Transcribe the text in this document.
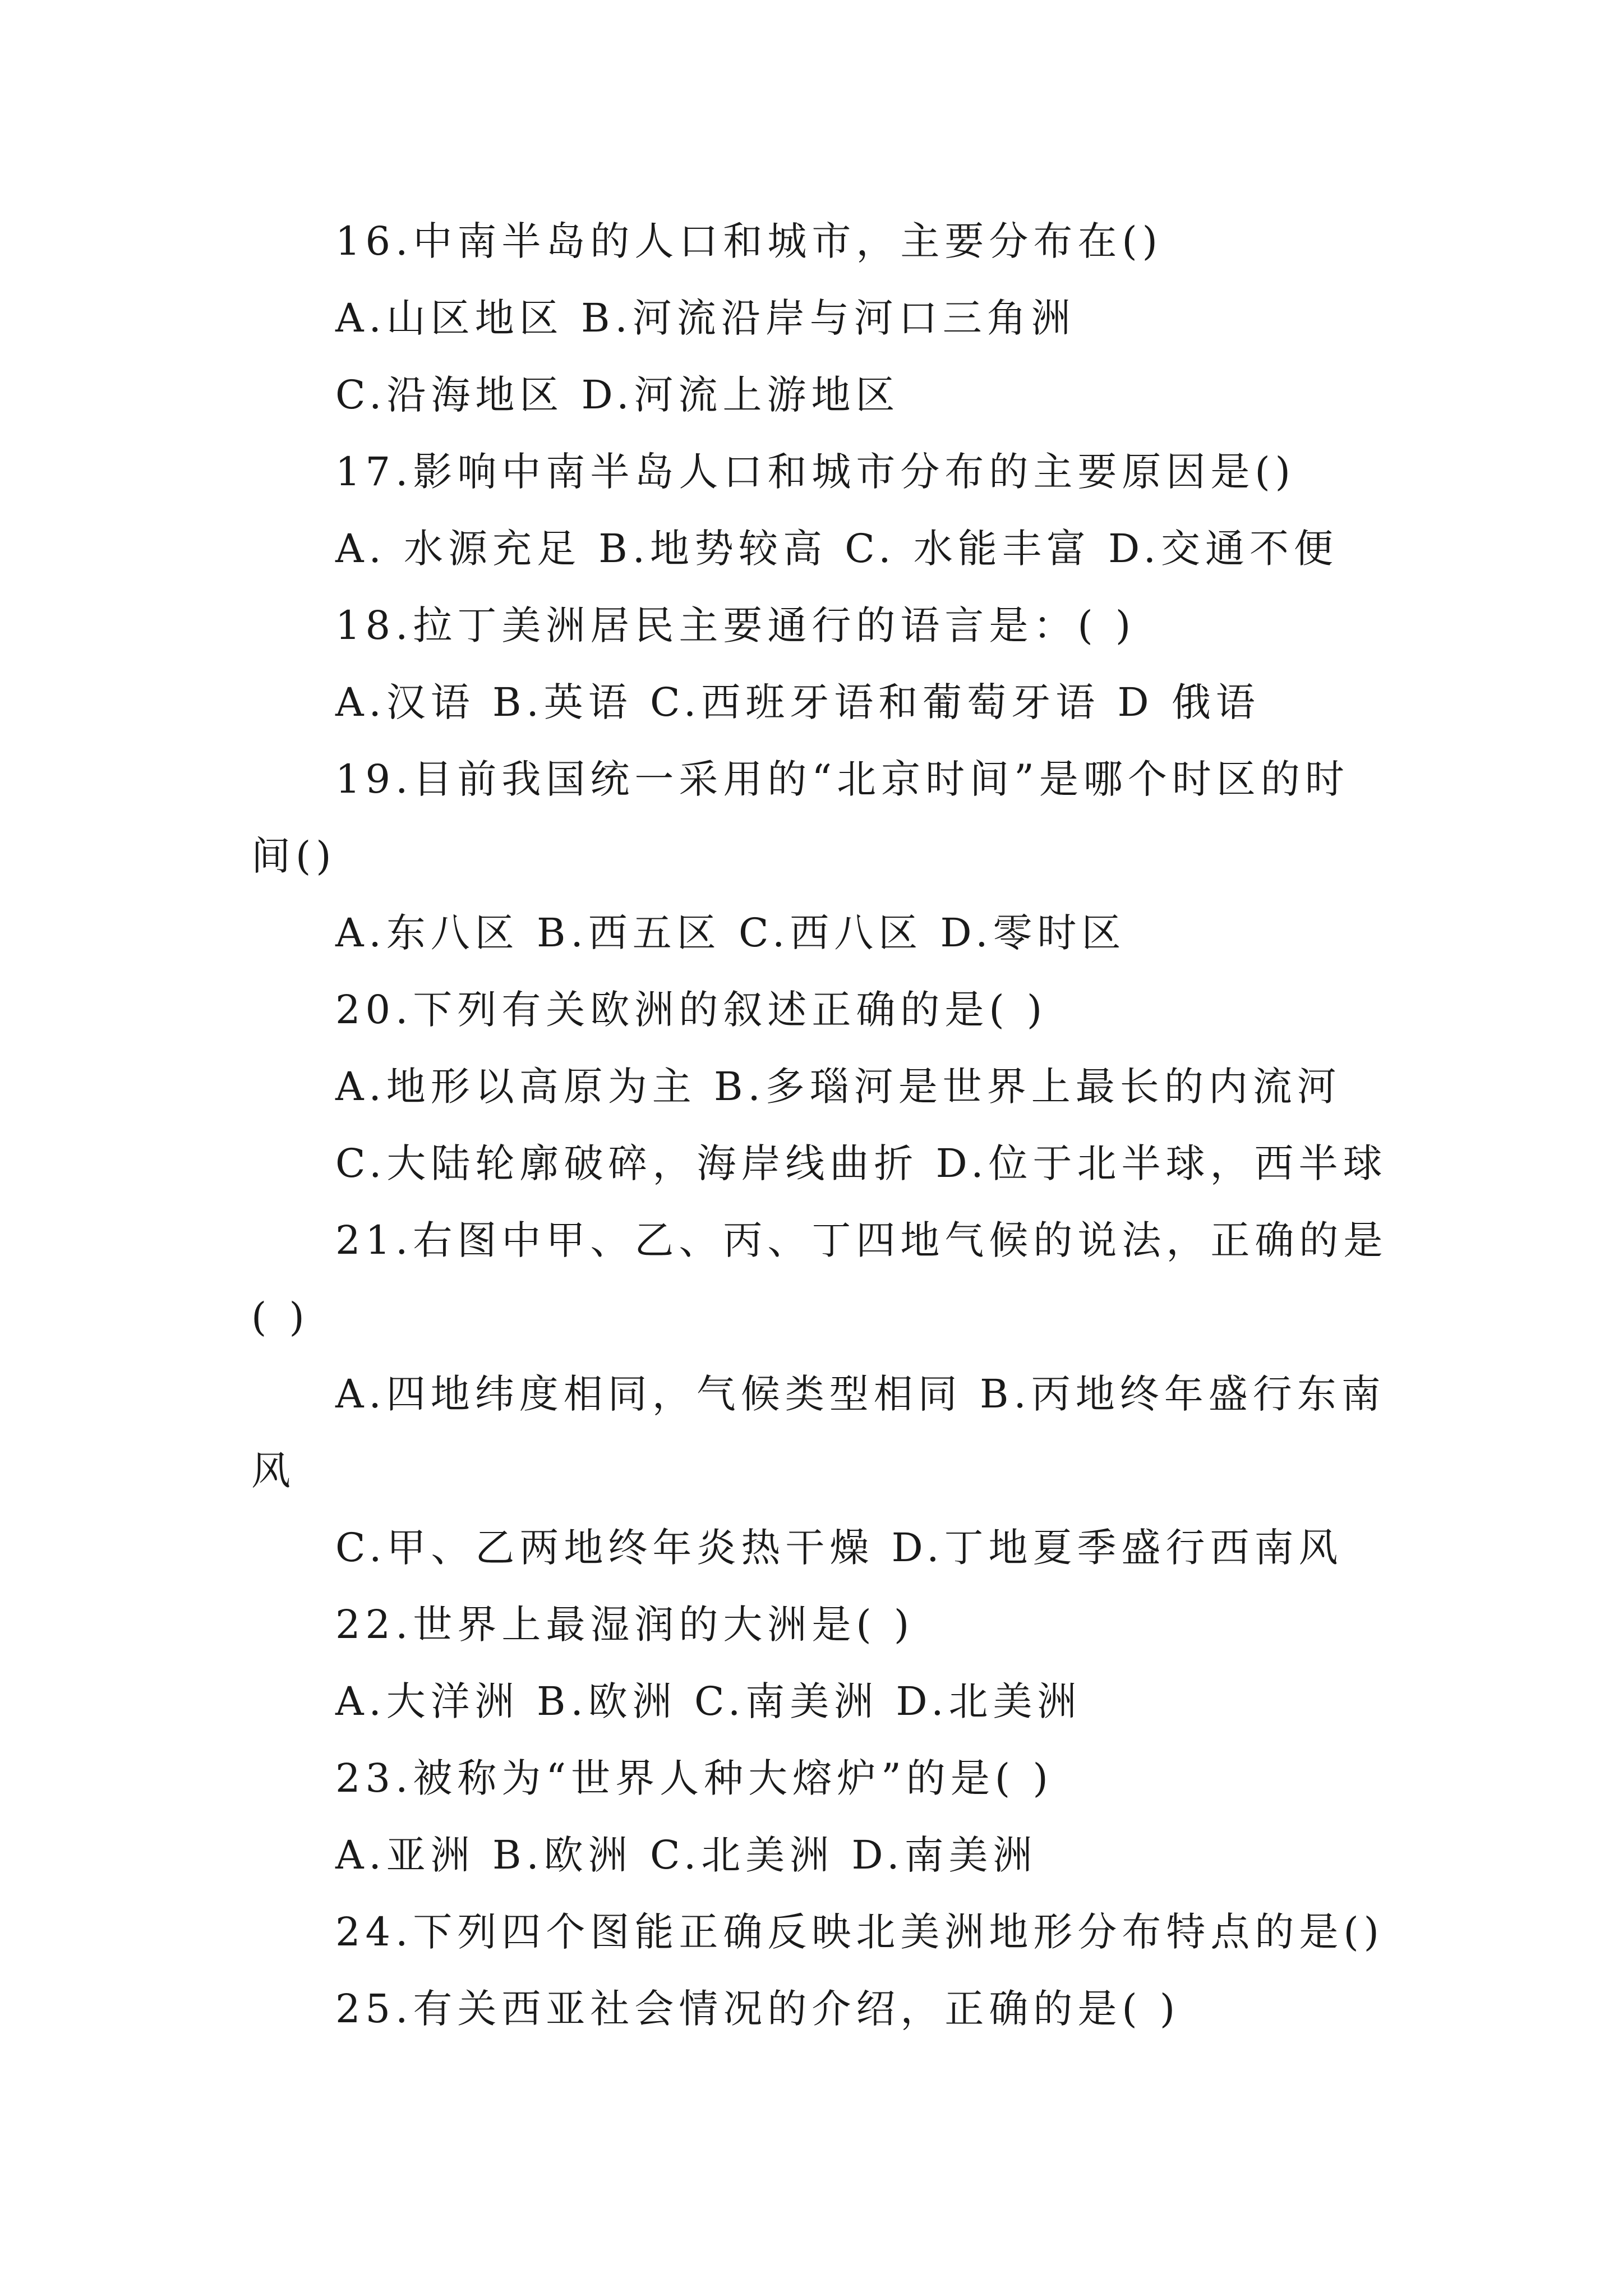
16.中南半岛的人口和城市，主要分布在()
A.山区地区 B.河流沿岸与河口三角洲
C.沿海地区 D.河流上游地区
17.影响中南半岛人口和城市分布的主要原因是()
A. 水源充足 B.地势较高 C. 水能丰富 D.交通不便
18.拉丁美洲居民主要通行的语言是：( )
A.汉语 B.英语 C.西班牙语和葡萄牙语 D 俄语
19.目前我国统一采用的“北京时间”是哪个时区的时
间()
A.东八区 B.西五区 C.西八区 D.零时区
20.下列有关欧洲的叙述正确的是( )
A.地形以高原为主 B.多瑙河是世界上最长的内流河
C.大陆轮廓破碎，海岸线曲折 D.位于北半球，西半球
21.右图中甲、乙、丙、丁四地气候的说法，正确的是
( )
A.四地纬度相同，气候类型相同 B.丙地终年盛行东南
风
C.甲、乙两地终年炎热干燥 D.丁地夏季盛行西南风
22.世界上最湿润的大洲是( )
A.大洋洲 B.欧洲 C.南美洲 D.北美洲
23.被称为“世界人种大熔炉”的是( )
A.亚洲 B.欧洲 C.北美洲 D.南美洲
24.下列四个图能正确反映北美洲地形分布特点的是()
25.有关西亚社会情况的介绍，正确的是( )
